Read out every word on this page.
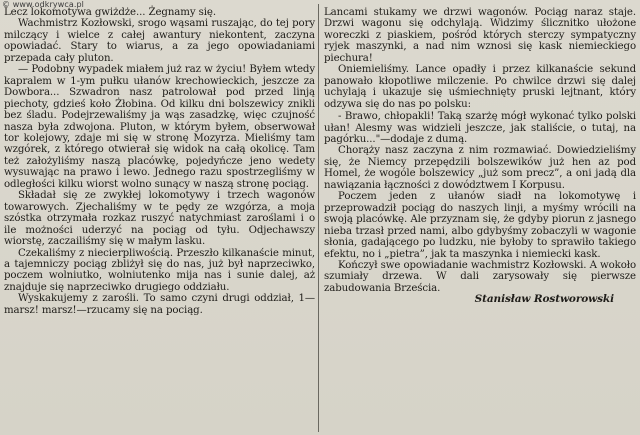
© www.odkrywca.pl

Lecz lokomotywa gwiżdże... Żegnamy się.

Wachmistrz Kozłowski, srogo wąsami ruszając, do tej pory milczący i wielce z całej awantury niekontent, zaczyna opowiadać. Stary to wiarus, a za jego opowiadaniami przepada cały pluton.

— Podobny wypadek miałem już raz w życiu! Byłem wtedy kapralem w 1-ym pułku ułanów krechowieckich, jeszcze za Dowbora... Szwadron nasz patrolował pod przed linją piechoty, gdzieś koło Żłobina. Od kilku dni bolszewicy znikli bez śladu. Podejrzewaliśmy ja wąs zasadzkę, więc czujność nasza była zdwojona. Pluton, w którym byłem, obserwował tor kolejowy, zdaje mi się w stronę Mozyrza. Mieliśmy tam wzgórek, z którego otwierał się widok na całą okolicę. Tam też założyliśmy naszą placówkę, pojedyńcze jeno wedety wysuwając na prawo i lewo. Jednego razu spostrzegliśmy w odległości kilku wiorst wolno sunący w naszą stronę pociąg.

Składał się ze zwykłej lokomotywy i trzech wagonów towarowych. Zjechaliśmy w te pędy ze wzgórza, a moja szóstka otrzymała rozkaz ruszyć natychmiast zaroślami i o ile możności uderzyć na pociąg od tyłu. Odjechawszy wiorstę, zaczailiśmy się w małym lasku.

Czekaliśmy z niecierpliwością. Przeszło kilkanaście minut, a tajemniczy pociąg zbliżył się do nas, już był naprzeciwko, poczem wolniutko, wolniutenko mija nas i sunie dalej, aż znajduje się naprzeciwko drugiego oddziału.

Wyskakujemy z zarośli. To samo czyni drugi oddział, 1—marsz! marsz!—rzucamy się na pociąg.

Lancami stukamy we drzwi wagonów. Pociąg naraz staje. Drzwi wagonu się odchylają. Widzimy ślicznitko ułożone woreczki z piaskiem, pośród których sterczy sympatyczny ryjek maszynki, a nad nim wznosi się kask niemieckiego piechura!

Oniemieliśmy. Lance opadły i przez kilkanaście sekund panowało kłopotliwe milczenie. Po chwilce drzwi się dalej uchylają i ukazuje się uśmiechnięty pruski lejtnant, który odzywa się do nas po polsku:

- Brawo, chłopakli! Taką szarżę mógł wykonać tylko polski ułan! Alesmy was widzieli jeszcze, jak staliście, o tutaj, na pagórku..."—dodaje z dumą.

Chorąży nasz zaczyna z nim rozmawiać. Dowiedzieliśmy się, że Niemcy przepędzili bolszewików już hen az pod Homel, że wogóle bolszewicy „już som precz”, a oni jadą dla nawiązania łączności z dowództwem I Korpusu.

Poczem jeden z ułanów siadł na lokomotywę i przeprowadził pociąg do naszych linji, a myśmy wrócili na swoją placówkę. Ale przyznam się, że gdyby piorun z jasnego nieba trzasł przed nami, albo gdybyśmy zobaczyli w wagonie słonia, gadającego po ludzku, nie byłoby to sprawiło takiego efektu, no i „pietra”, jak ta maszynka i niemiecki kask.

Kończył swe opowiadanie wachmistrz Kozłowski. A wokoło szumiały drzewa. W dali zarysowały się pierwsze zabudowania Brześcia.

Stanisław Rostworowski
